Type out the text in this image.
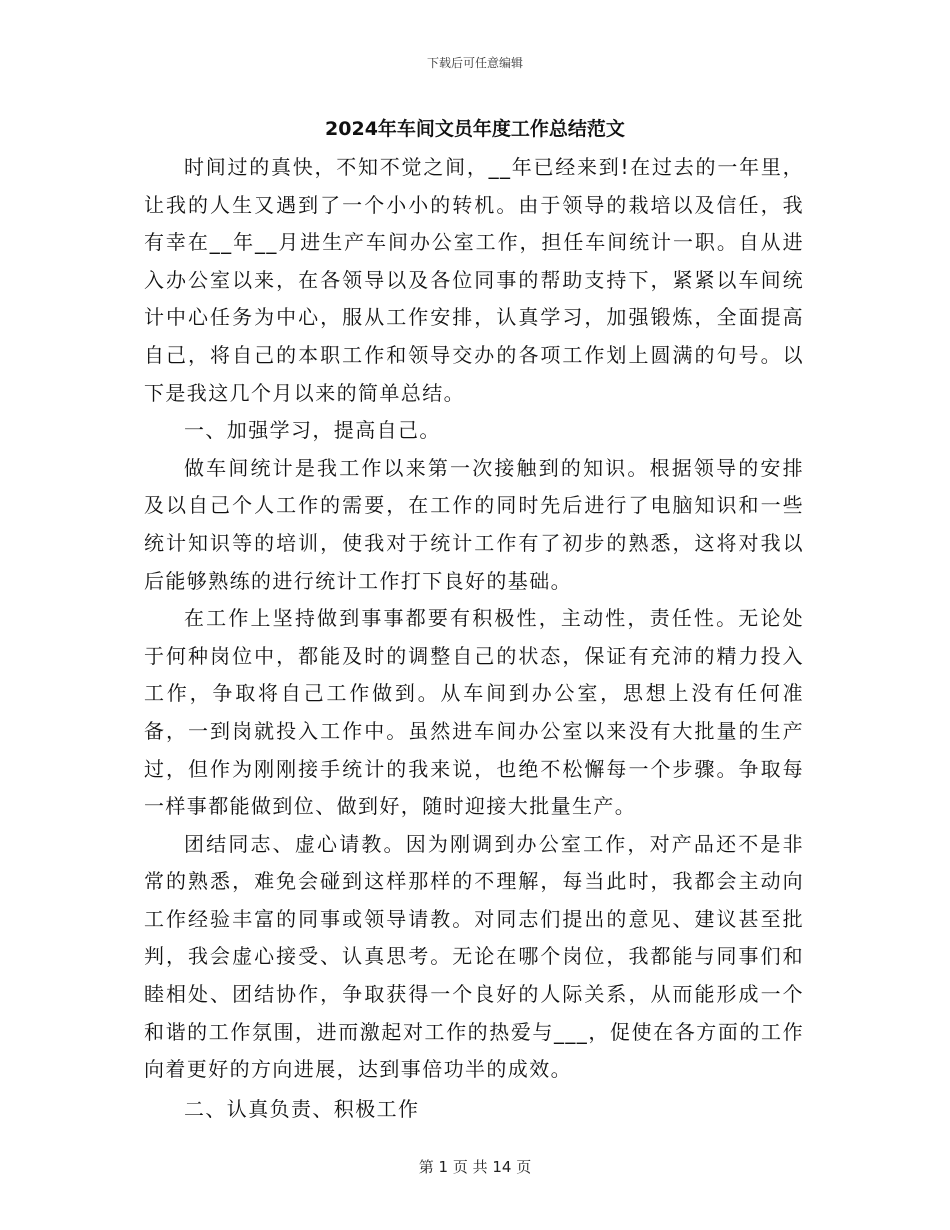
下载后可任意编辑
2024年车间文员年度工作总结范文

时间过的真快，不知不觉之间，__年已经来到!在过去的一年里，让我的人生又遇到了一个小小的转机。由于领导的栽培以及信任，我有幸在__年__月进生产车间办公室工作，担任车间统计一职。自从进入办公室以来，在各领导以及各位同事的帮助支持下，紧紧以车间统计中心任务为中心，服从工作安排，认真学习，加强锻炼，全面提高自己，将自己的本职工作和领导交办的各项工作划上圆满的句号。以下是我这几个月以来的简单总结。

一、加强学习，提高自己。

做车间统计是我工作以来第一次接触到的知识。根据领导的安排及以自己个人工作的需要，在工作的同时先后进行了电脑知识和一些统计知识等的培训，使我对于统计工作有了初步的熟悉，这将对我以后能够熟练的进行统计工作打下良好的基础。

在工作上坚持做到事事都要有积极性，主动性，责任性。无论处于何种岗位中，都能及时的调整自己的状态，保证有充沛的精力投入工作，争取将自己工作做到。从车间到办公室，思想上没有任何准备，一到岗就投入工作中。虽然进车间办公室以来没有大批量的生产过，但作为刚刚接手统计的我来说，也绝不松懈每一个步骤。争取每一样事都能做到位、做到好，随时迎接大批量生产。

团结同志、虚心请教。因为刚调到办公室工作，对产品还不是非常的熟悉，难免会碰到这样那样的不理解，每当此时，我都会主动向工作经验丰富的同事或领导请教。对同志们提出的意见、建议甚至批判，我会虚心接受、认真思考。无论在哪个岗位，我都能与同事们和睦相处、团结协作，争取获得一个良好的人际关系，从而能形成一个和谐的工作氛围，进而激起对工作的热爱与___，促使在各方面的工作向着更好的方向进展，达到事倍功半的成效。

二、认真负责、积极工作

第 1 页 共 14 页
